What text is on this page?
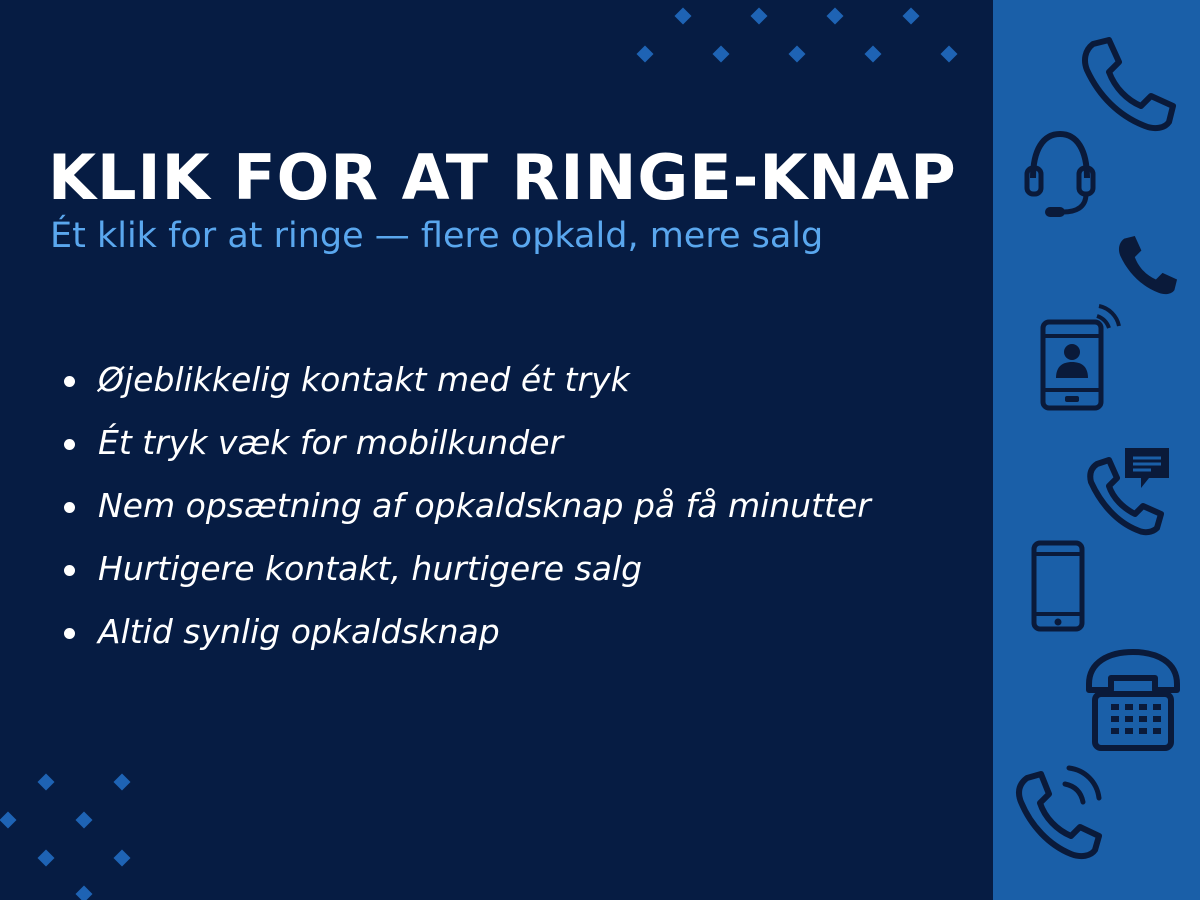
KLIK FOR AT RINGE-KNAP

Ét klik for at ringe — flere opkald, mere salg

Øjeblikkelig kontakt med ét tryk
Ét tryk væk for mobilkunder
Nem opsætning af opkaldsknap på få minutter
Hurtigere kontakt, hurtigere salg
Altid synlig opkaldsknap
